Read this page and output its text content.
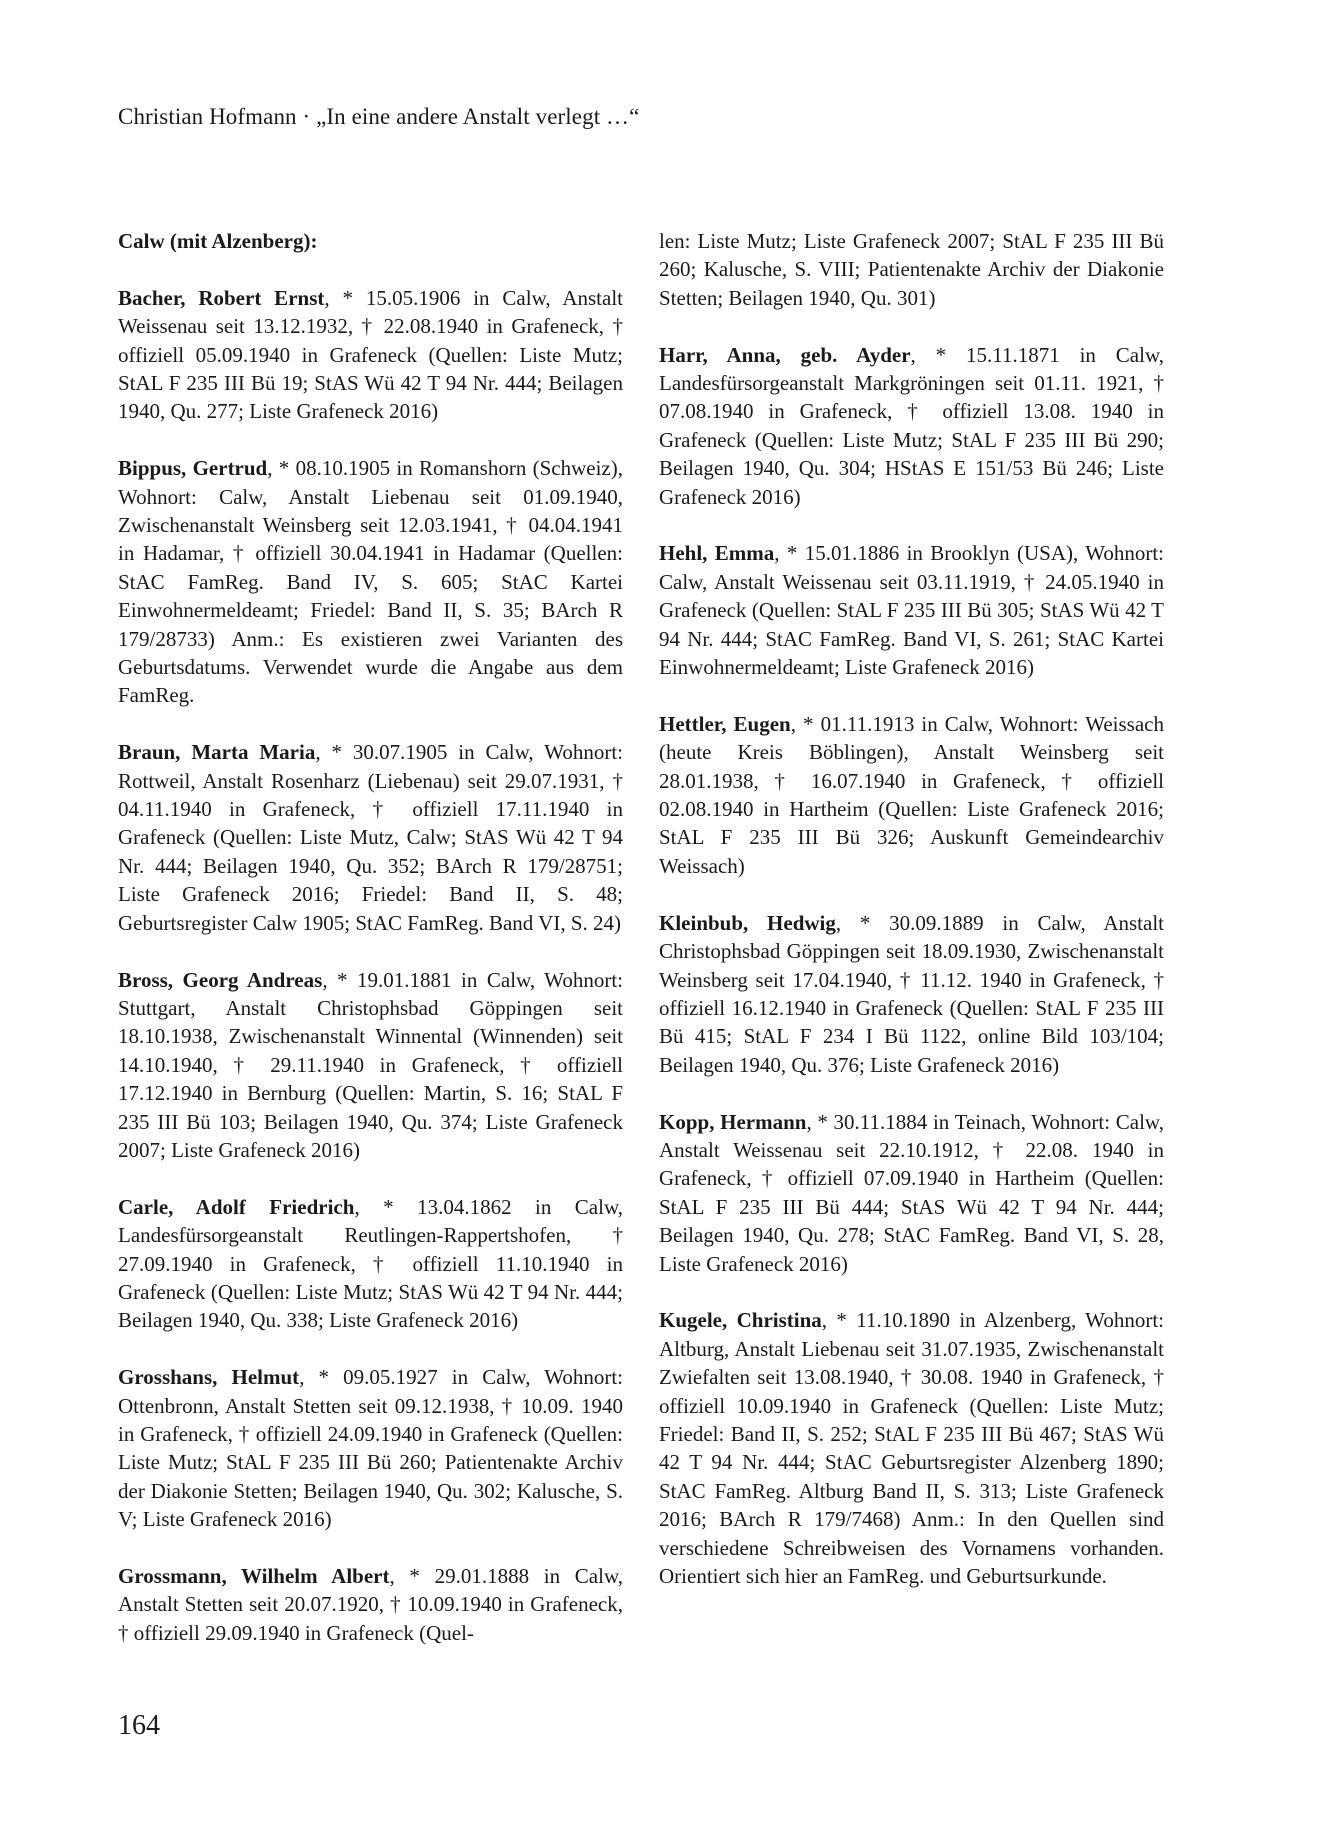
Christian Hofmann · „In eine andere Anstalt verlegt …“

Calw (mit Alzenberg):

Bacher, Robert Ernst, * 15.05.1906 in Calw, Anstalt Weissenau seit 13.12.1932, † 22.08.1940 in Grafeneck, † offiziell 05.09.1940 in Grafeneck (Quellen: Liste Mutz; StAL F 235 III Bü 19; StAS Wü 42 T 94 Nr. 444; Beilagen 1940, Qu. 277; Liste Grafeneck 2016)

Bippus, Gertrud, * 08.10.1905 in Romanshorn (Schweiz), Wohnort: Calw, Anstalt Liebenau seit 01.09.1940, Zwischenanstalt Weinsberg seit 12.03.1941, † 04.04.1941 in Hadamar, † offiziell 30.04.1941 in Hadamar (Quellen: StAC FamReg. Band IV, S. 605; StAC Kartei Einwohnermeldeamt; Friedel: Band II, S. 35; BArch R 179/28733) Anm.: Es existieren zwei Varianten des Geburtsdatums. Verwendet wurde die Angabe aus dem FamReg.

Braun, Marta Maria, * 30.07.1905 in Calw, Wohnort: Rottweil, Anstalt Rosenharz (Liebenau) seit 29.07.1931, † 04.11.1940 in Grafeneck, † offiziell 17.11.1940 in Grafeneck (Quellen: Liste Mutz, Calw; StAS Wü 42 T 94 Nr. 444; Beilagen 1940, Qu. 352; BArch R 179/28751; Liste Grafeneck 2016; Friedel: Band II, S. 48; Geburtsregister Calw 1905; StAC FamReg. Band VI, S. 24)

Bross, Georg Andreas, * 19.01.1881 in Calw, Wohnort: Stuttgart, Anstalt Christophsbad Göppingen seit 18.10.1938, Zwischenanstalt Winnental (Winnenden) seit 14.10.1940, † 29.11.1940 in Grafeneck, † offiziell 17.12.1940 in Bernburg (Quellen: Martin, S. 16; StAL F 235 III Bü 103; Beilagen 1940, Qu. 374; Liste Grafeneck 2007; Liste Grafeneck 2016)

Carle, Adolf Friedrich, * 13.04.1862 in Calw, Landesfürsorgeanstalt Reutlingen-Rappertshofen, † 27.09.1940 in Grafeneck, † offiziell 11.10.1940 in Grafeneck (Quellen: Liste Mutz; StAS Wü 42 T 94 Nr. 444; Beilagen 1940, Qu. 338; Liste Grafeneck 2016)

Grosshans, Helmut, * 09.05.1927 in Calw, Wohnort: Ottenbronn, Anstalt Stetten seit 09.12.1938, † 10.09. 1940 in Grafeneck, † offiziell 24.09.1940 in Grafeneck (Quellen: Liste Mutz; StAL F 235 III Bü 260; Patientenakte Archiv der Diakonie Stetten; Beilagen 1940, Qu. 302; Kalusche, S. V; Liste Grafeneck 2016)

Grossmann, Wilhelm Albert, * 29.01.1888 in Calw, Anstalt Stetten seit 20.07.1920, † 10.09.1940 in Grafeneck, † offiziell 29.09.1940 in Grafeneck (Quel-

len: Liste Mutz; Liste Grafeneck 2007; StAL F 235 III Bü 260; Kalusche, S. VIII; Patientenakte Archiv der Diakonie Stetten; Beilagen 1940, Qu. 301)

Harr, Anna, geb. Ayder, * 15.11.1871 in Calw, Landesfürsorgeanstalt Markgröningen seit 01.11. 1921, † 07.08.1940 in Grafeneck, † offiziell 13.08. 1940 in Grafeneck (Quellen: Liste Mutz; StAL F 235 III Bü 290; Beilagen 1940, Qu. 304; HStAS E 151/53 Bü 246; Liste Grafeneck 2016)

Hehl, Emma, * 15.01.1886 in Brooklyn (USA), Wohnort: Calw, Anstalt Weissenau seit 03.11.1919, † 24.05.1940 in Grafeneck (Quellen: StAL F 235 III Bü 305; StAS Wü 42 T 94 Nr. 444; StAC FamReg. Band VI, S. 261; StAC Kartei Einwohnermeldeamt; Liste Grafeneck 2016)

Hettler, Eugen, * 01.11.1913 in Calw, Wohnort: Weissach (heute Kreis Böblingen), Anstalt Weinsberg seit 28.01.1938, † 16.07.1940 in Grafeneck, † offiziell 02.08.1940 in Hartheim (Quellen: Liste Grafeneck 2016; StAL F 235 III Bü 326; Auskunft Gemeindearchiv Weissach)

Kleinbub, Hedwig, * 30.09.1889 in Calw, Anstalt Christophsbad Göppingen seit 18.09.1930, Zwischenanstalt Weinsberg seit 17.04.1940, † 11.12. 1940 in Grafeneck, † offiziell 16.12.1940 in Grafeneck (Quellen: StAL F 235 III Bü 415; StAL F 234 I Bü 1122, online Bild 103/104; Beilagen 1940, Qu. 376; Liste Grafeneck 2016)

Kopp, Hermann, * 30.11.1884 in Teinach, Wohnort: Calw, Anstalt Weissenau seit 22.10.1912, † 22.08. 1940 in Grafeneck, † offiziell 07.09.1940 in Hartheim (Quellen: StAL F 235 III Bü 444; StAS Wü 42 T 94 Nr. 444; Beilagen 1940, Qu. 278; StAC FamReg. Band VI, S. 28, Liste Grafeneck 2016)

Kugele, Christina, * 11.10.1890 in Alzenberg, Wohnort: Altburg, Anstalt Liebenau seit 31.07.1935, Zwischenanstalt Zwiefalten seit 13.08.1940, † 30.08. 1940 in Grafeneck, † offiziell 10.09.1940 in Grafeneck (Quellen: Liste Mutz; Friedel: Band II, S. 252; StAL F 235 III Bü 467; StAS Wü 42 T 94 Nr. 444; StAC Geburtsregister Alzenberg 1890; StAC FamReg. Altburg Band II, S. 313; Liste Grafeneck 2016; BArch R 179/7468) Anm.: In den Quellen sind verschiedene Schreibweisen des Vornamens vorhanden. Orientiert sich hier an FamReg. und Geburtsurkunde.

164
